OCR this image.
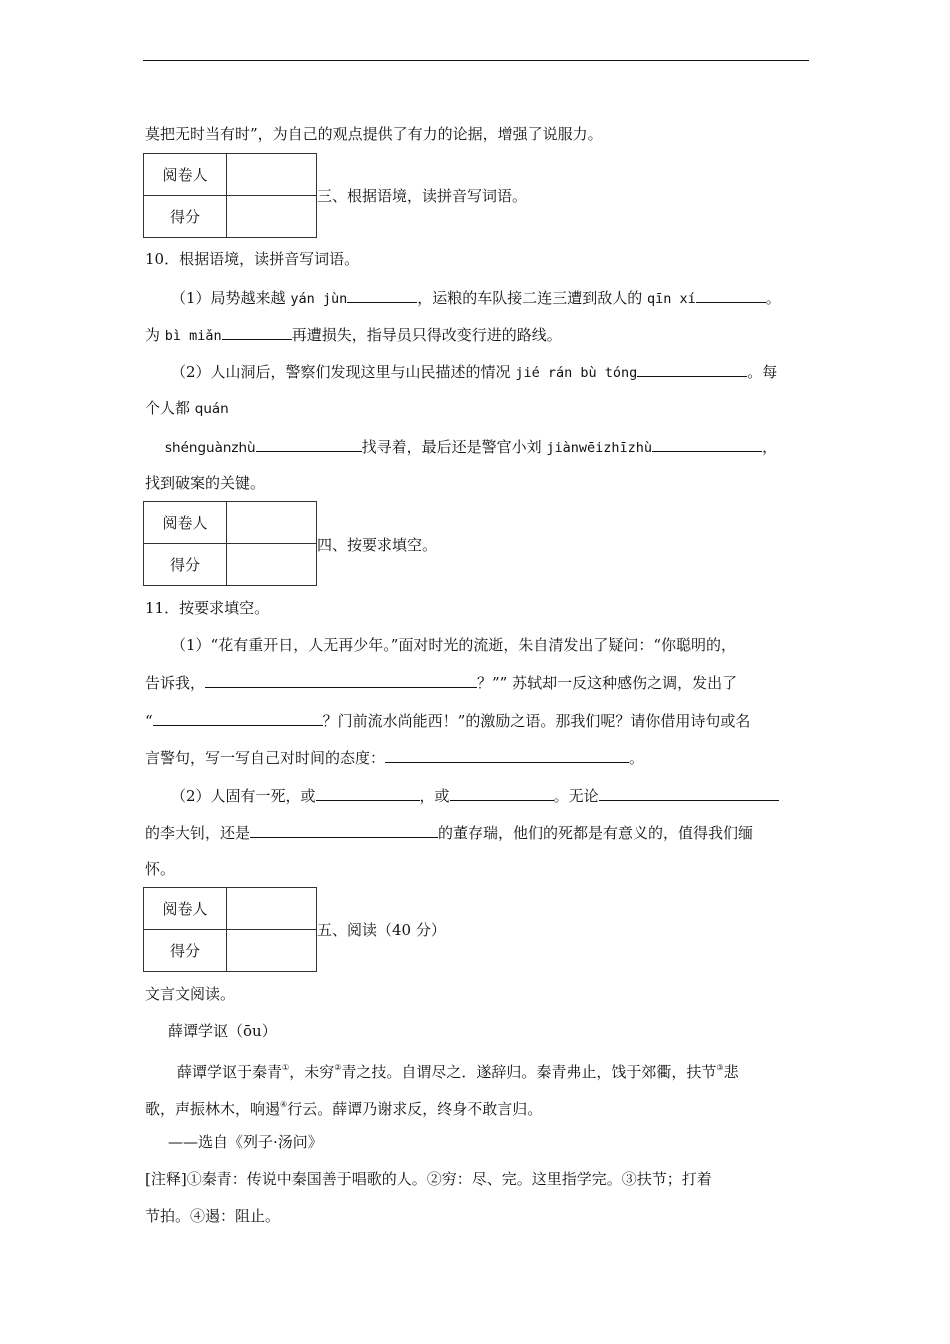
莫把无时当有时”，为自己的观点提供了有力的论据，增强了说服力。
阅卷人	
得分	
三、根据语境，读拼音写词语。
10．根据语境，读拼音写词语。
（1）局势越来越 yán jùn	，运粮的车队接二连三遭到敌人的 qīn xí	。
为 bì miǎn	再遭损失，指导员只得改变行进的路线。
（2）人山洞后，警察们发现这里与山民描述的情况 jié rán bù tóng	。每
个人都 quán
shénguànzhù	找寻着，最后还是警官小刘 jiànwēizhīzhù	，
找到破案的关键。
阅卷人	
得分	
四、按要求填空。
11．按要求填空。
（1）“花有重开日，人无再少年。”面对时光的流逝，朱自清发出了疑问：“你聪明的，
告诉我，	？”” 苏轼却一反这种感伤之调，发出了
“	？门前流水尚能西！”的激励之语。那我们呢？请你借用诗句或名
言警句，写一写自己对时间的态度：	。
（2）人固有一死，或	，或	。无论
的李大钊，还是	的董存瑞，他们的死都是有意义的，值得我们缅
怀。
阅卷人	
得分	
五、阅读（40 分）
文言文阅读。
薛谭学讴（ōu）
薛谭学讴于秦青①，未穷②青之技。自谓尽之．遂辞归。秦青弗止，饯于郊衢，扶节③悲
歌，声振林木，响遏④行云。薛谭乃谢求反，终身不敢言归。
——选自《列子·汤问》
[注释]①秦青：传说中秦国善于唱歌的人。②穷：尽、完。这里指学完。③扶节；打着
节拍。④遏：阻止。
